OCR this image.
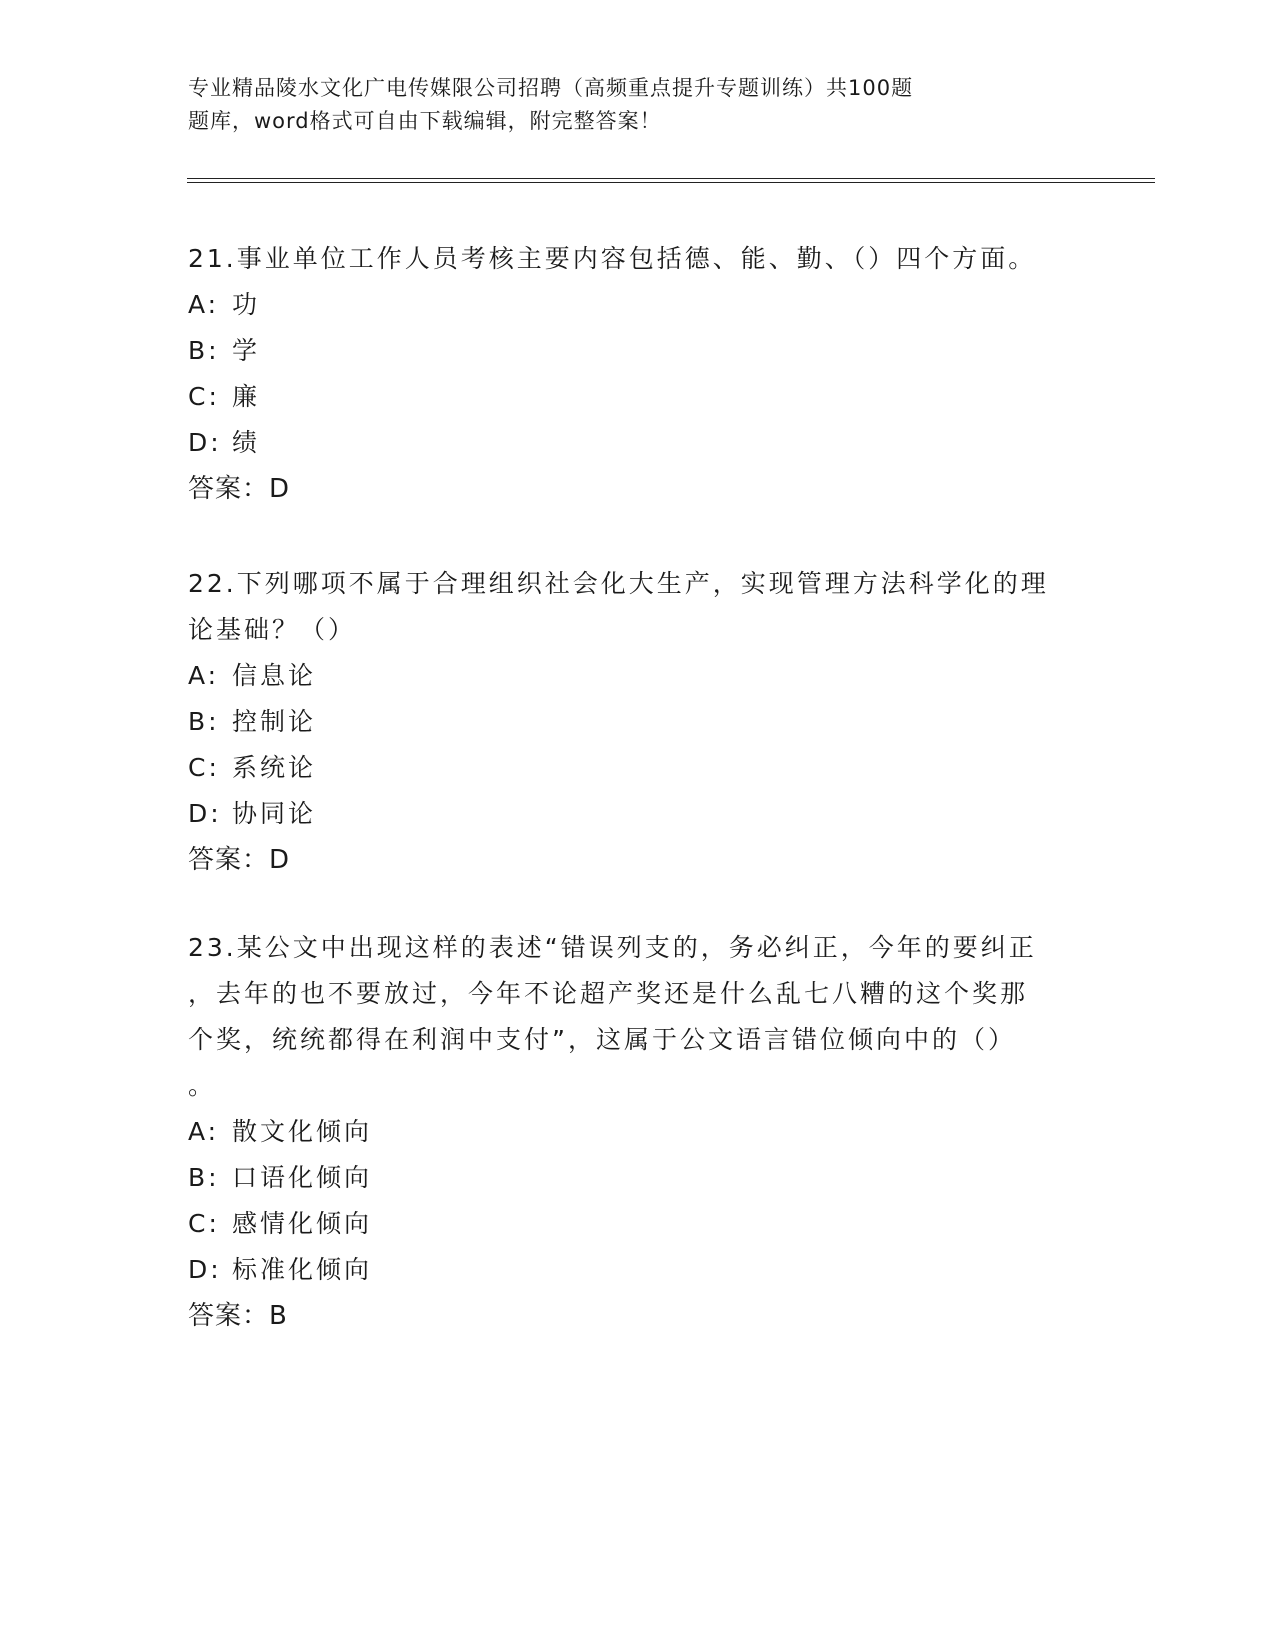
专业精品陵水文化广电传媒限公司招聘（高频重点提升专题训练）共100题
题库，word格式可自由下载编辑，附完整答案！
21.事业单位工作人员考核主要内容包括德、能、勤、（）四个方面。
A: 功
B: 学
C: 廉
D: 绩
答案：D
22.下列哪项不属于合理组织社会化大生产，实现管理方法科学化的理
论基础？（）
A: 信息论
B: 控制论
C: 系统论
D: 协同论
答案：D
23.某公文中出现这样的表述“错误列支的，务必纠正，今年的要纠正
，去年的也不要放过，今年不论超产奖还是什么乱七八糟的这个奖那
个奖，统统都得在利润中支付”，这属于公文语言错位倾向中的（）
。
A: 散文化倾向
B: 口语化倾向
C: 感情化倾向
D: 标准化倾向
答案：B
